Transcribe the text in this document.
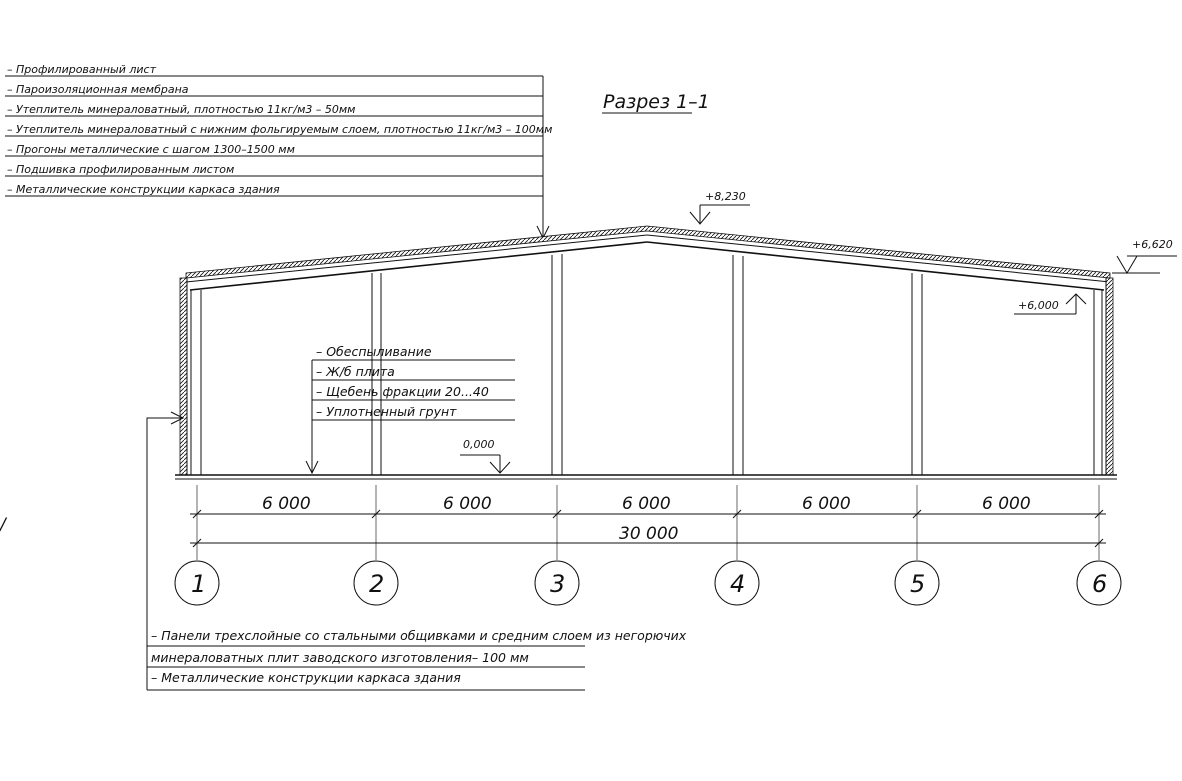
Разрез 1–1
/
– Профилированный лист
– Пароизоляционная мембрана
– Утеплитель минераловатный, плотностью 11кг/м3 – 50мм
– Утеплитель минераловатный с нижним фольгируемым слоем, плотностью 11кг/м3 – 100мм
– Прогоны металлические с шагом 1300–1500 мм
– Подшивка профилированным листом
– Металлические конструкции каркаса здания
+8,230
+6,620
+6,000
0,000
– Обеспыливание
– Ж/б плита
– Щебень фракции 20...40
– Уплотненный грунт
– Панели трехслойные со стальными общивками и средним слоем из негорючих
минераловатных плит заводского изготовления– 100 мм
– Металлические конструкции каркаса здания
6 000	6 000	6 000	6 000	6 000
30 000
1	2	3	4	5	6
